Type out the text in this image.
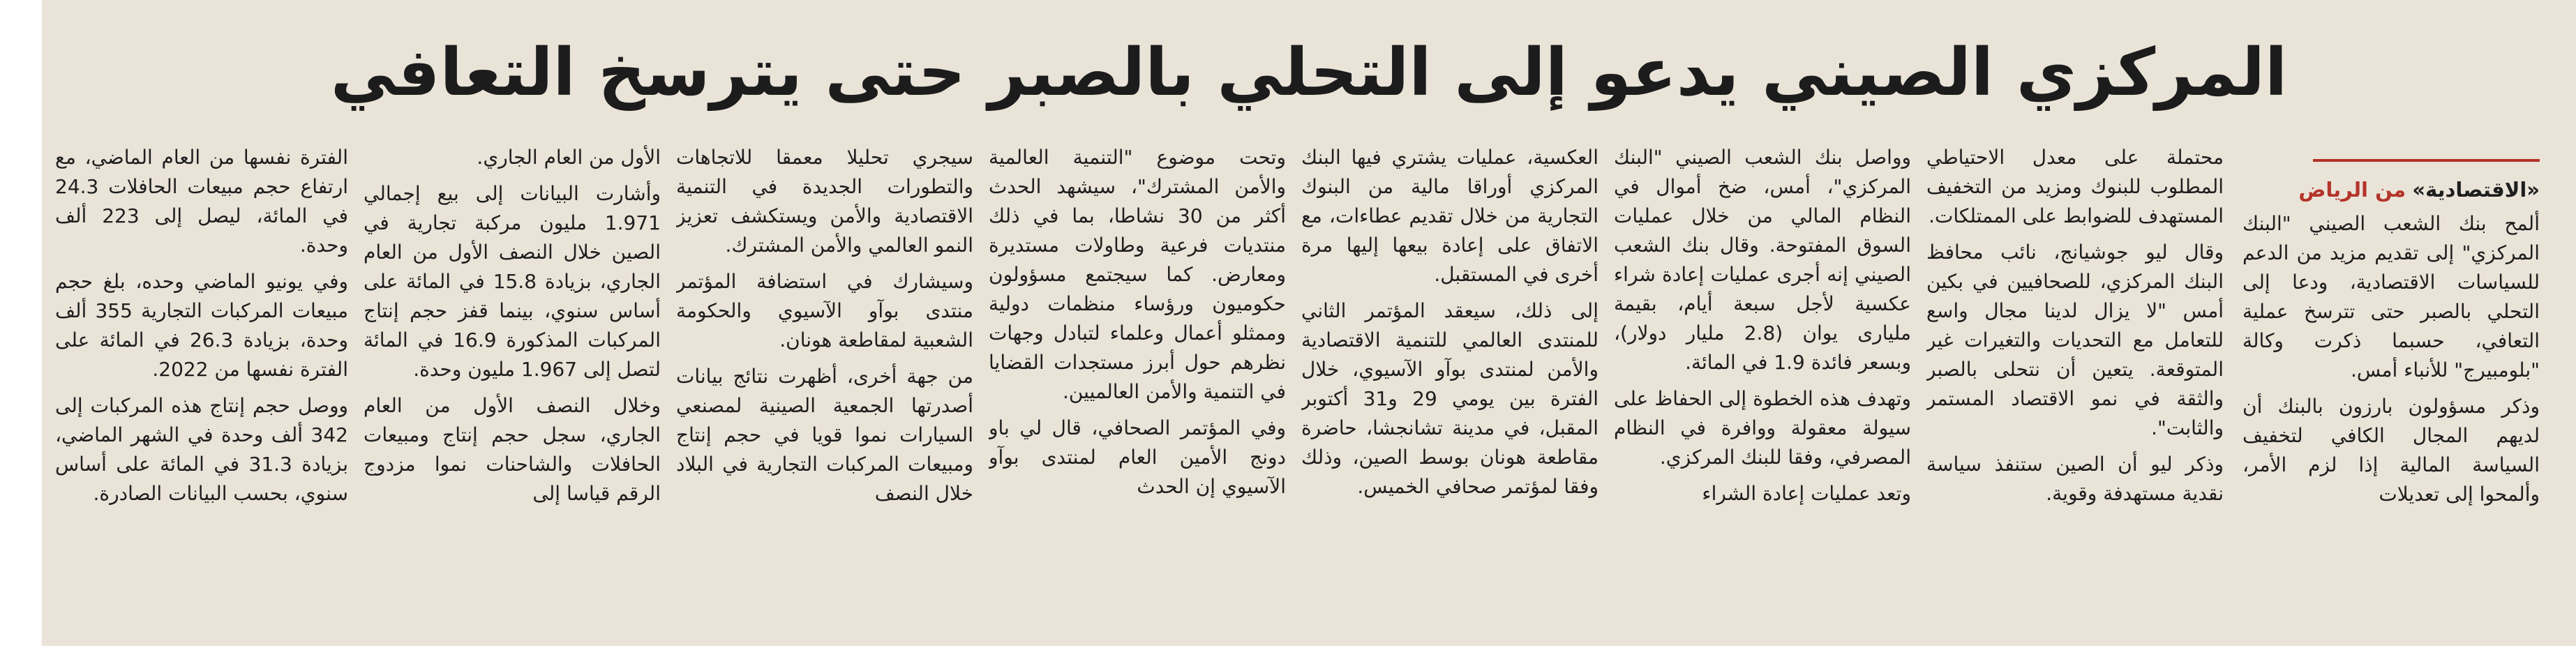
المركزي الصيني يدعو إلى التحلي بالصبر حتى يترسخ التعافي
«الاقتصادية» من الرياض

ألمح بنك الشعب الصيني "البنك المركزي" إلى تقديم مزيد من الدعم للسياسات الاقتصادية، ودعا إلى التحلي بالصبر حتى تترسخ عملية التعافي، حسبما ذكرت وكالة "بلومبيرج" للأنباء أمس.

وذكر مسؤولون بارزون بالبنك أن لديهم المجال الكافي لتخفيف السياسة المالية إذا لزم الأمر، وألمحوا إلى تعديلات

محتملة على معدل الاحتياطي المطلوب للبنوك ومزيد من التخفيف المستهدف للضوابط على الممتلكات.

وقال ليو جوشيانج، نائب محافظ البنك المركزي، للصحافيين في بكين أمس "لا يزال لدينا مجال واسع للتعامل مع التحديات والتغيرات غير المتوقعة. يتعين أن نتحلى بالصبر والثقة في نمو الاقتصاد المستمر والثابت".

وذكر ليو أن الصين ستنفذ سياسة نقدية مستهدفة وقوية.

وواصل بنك الشعب الصيني "البنك المركزي"، أمس، ضخ أموال في النظام المالي من خلال عمليات السوق المفتوحة. وقال بنك الشعب الصيني إنه أجرى عمليات إعادة شراء عكسية لأجل سبعة أيام، بقيمة مليارى يوان (2.8 مليار دولار)، وبسعر فائدة 1.9 في المائة.

وتهدف هذه الخطوة إلى الحفاظ على سيولة معقولة ووافرة في النظام المصرفي، وفقا للبنك المركزي.

وتعد عمليات إعادة الشراء

العكسية، عمليات يشتري فيها البنك المركزي أوراقا مالية من البنوك التجارية من خلال تقديم عطاءات، مع الاتفاق على إعادة بيعها إليها مرة أخرى في المستقبل.

إلى ذلك، سيعقد المؤتمر الثاني للمنتدى العالمي للتنمية الاقتصادية والأمن لمنتدى بوآو الآسيوي، خلال الفترة بين يومي 29 و31 أكتوبر المقبل، في مدينة تشانجشا، حاضرة مقاطعة هونان بوسط الصين، وذلك وفقا لمؤتمر صحافي الخميس.

وتحت موضوع "التنمية العالمية والأمن المشترك"، سيشهد الحدث أكثر من 30 نشاطا، بما في ذلك منتديات فرعية وطاولات مستديرة ومعارض. كما سيجتمع مسؤولون حكوميون ورؤساء منظمات دولية وممثلو أعمال وعلماء لتبادل وجهات نظرهم حول أبرز مستجدات القضايا في التنمية والأمن العالميين.

وفي المؤتمر الصحافي، قال لي باو دونج الأمين العام لمنتدى بوآو الآسيوي إن الحدث

سيجري تحليلا معمقا للاتجاهات والتطورات الجديدة في التنمية الاقتصادية والأمن ويستكشف تعزيز النمو العالمي والأمن المشترك.

وسيشارك في استضافة المؤتمر منتدى بوآو الآسيوي والحكومة الشعبية لمقاطعة هونان.

من جهة أخرى، أظهرت نتائج بيانات أصدرتها الجمعية الصينية لمصنعي السيارات نموا قويا في حجم إنتاج ومبيعات المركبات التجارية في البلاد خلال النصف

الأول من العام الجاري.

وأشارت البيانات إلى بيع إجمالي 1.971 مليون مركبة تجارية في الصين خلال النصف الأول من العام الجاري، بزيادة 15.8 في المائة على أساس سنوي، بينما قفز حجم إنتاج المركبات المذكورة 16.9 في المائة لتصل إلى 1.967 مليون وحدة.

وخلال النصف الأول من العام الجاري، سجل حجم إنتاج ومبيعات الحافلات والشاحنات نموا مزدوج الرقم قياسا إلى

الفترة نفسها من العام الماضي، مع ارتفاع حجم مبيعات الحافلات 24.3 في المائة، ليصل إلى 223 ألف وحدة.

وفي يونيو الماضي وحده، بلغ حجم مبيعات المركبات التجارية 355 ألف وحدة، بزيادة 26.3 في المائة على الفترة نفسها من 2022.

ووصل حجم إنتاج هذه المركبات إلى 342 ألف وحدة في الشهر الماضي، بزيادة 31.3 في المائة على أساس سنوي، بحسب البيانات الصادرة.
